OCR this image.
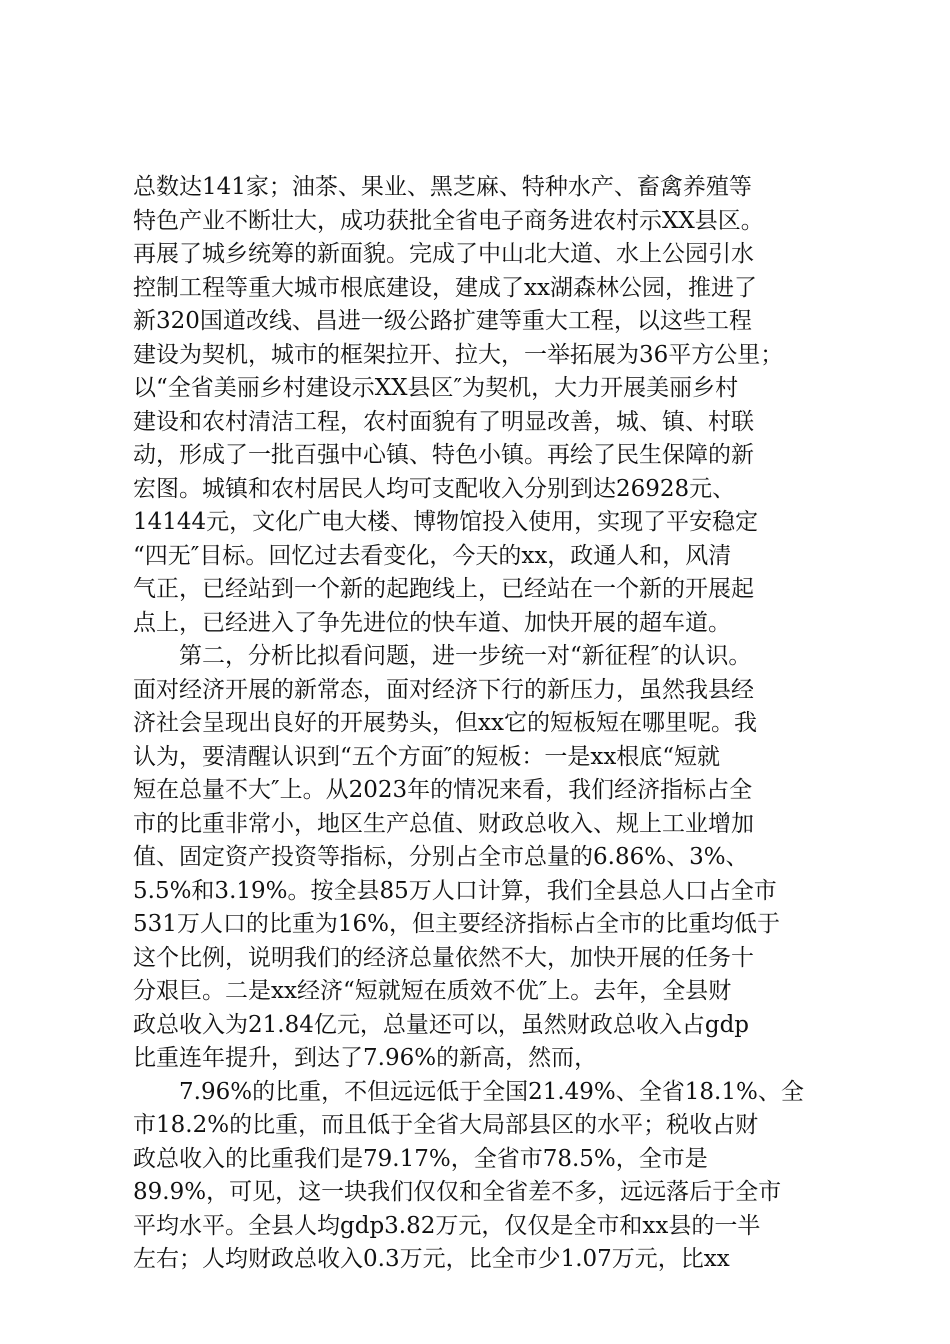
总数达141家；油茶、果业、黑芝麻、特种水产、畜禽养殖等
特色产业不断壮大，成功获批全省电子商务进农村示XX县区。
再展了城乡统筹的新面貌。完成了中山北大道、水上公园引水
控制工程等重大城市根底建设，建成了xx湖森林公园，推进了
新320国道改线、昌进一级公路扩建等重大工程，以这些工程
建设为契机，城市的框架拉开、拉大，一举拓展为36平方公里；
以“全省美丽乡村建设示XX县区″为契机，大力开展美丽乡村
建设和农村清洁工程，农村面貌有了明显改善，城、镇、村联
动，形成了一批百强中心镇、特色小镇。再绘了民生保障的新
宏图。城镇和农村居民人均可支配收入分别到达26928元、
14144元，文化广电大楼、博物馆投入使用，实现了平安稳定
“四无″目标。回忆过去看变化，今天的xx，政通人和，风清
气正，已经站到一个新的起跑线上，已经站在一个新的开展起
点上，已经进入了争先进位的快车道、加快开展的超车道。
第二，分析比拟看问题，进一步统一对“新征程″的认识。
面对经济开展的新常态，面对经济下行的新压力，虽然我县经
济社会呈现出良好的开展势头，但xx它的短板短在哪里呢。我
认为，要清醒认识到“五个方面″的短板：一是xx根底“短就
短在总量不大″上。从2023年的情况来看，我们经济指标占全
市的比重非常小，地区生产总值、财政总收入、规上工业增加
值、固定资产投资等指标，分别占全市总量的6.86%、3%、
5.5%和3.19%。按全县85万人口计算，我们全县总人口占全市
531万人口的比重为16%，但主要经济指标占全市的比重均低于
这个比例，说明我们的经济总量依然不大，加快开展的任务十
分艰巨。二是xx经济“短就短在质效不优″上。去年，全县财
政总收入为21.84亿元，总量还可以，虽然财政总收入占gdp
比重连年提升，到达了7.96%的新高，然而，
7.96%的比重，不但远远低于全国21.49%、全省18.1%、全
市18.2%的比重，而且低于全省大局部县区的水平；税收占财
政总收入的比重我们是79.17%，全省市78.5%，全市是
89.9%，可见，这一块我们仅仅和全省差不多，远远落后于全市
平均水平。全县人均gdp3.82万元，仅仅是全市和xx县的一半
左右；人均财政总收入0.3万元，比全市少1.07万元，比xx
